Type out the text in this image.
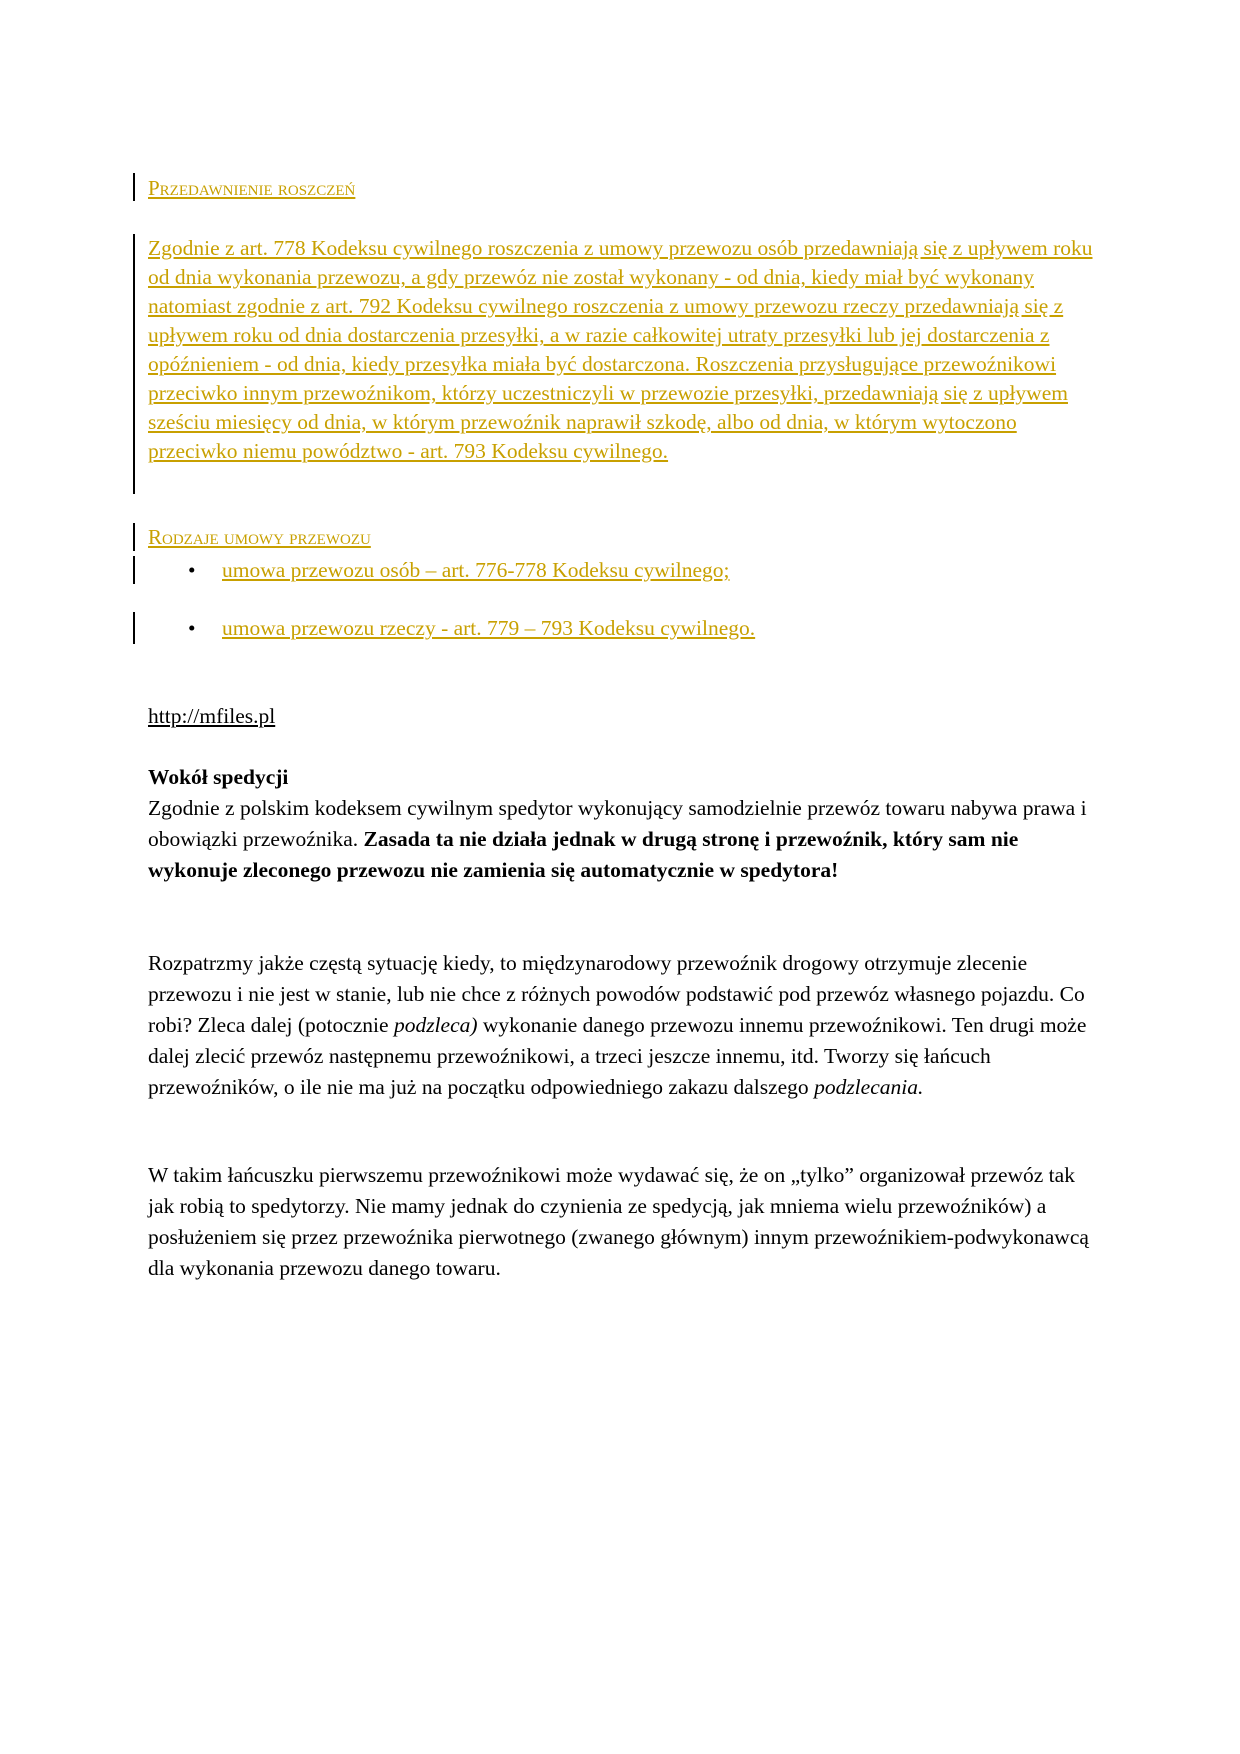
Przedawnienie roszczeń

Zgodnie z art. 778 Kodeksu cywilnego roszczenia z umowy przewozu osób przedawniają się z upływem roku od dnia wykonania przewozu, a gdy przewóz nie został wykonany - od dnia, kiedy miał być wykonany natomiast zgodnie z art. 792 Kodeksu cywilnego roszczenia z umowy przewozu rzeczy przedawniają się z upływem roku od dnia dostarczenia przesyłki, a w razie całkowitej utraty przesyłki lub jej dostarczenia z opóźnieniem - od dnia, kiedy przesyłka miała być dostarczona. Roszczenia przysługujące przewoźnikowi przeciwko innym przewoźnikom, którzy uczestniczyli w przewozie przesyłki, przedawniają się z upływem sześciu miesięcy od dnia, w którym przewoźnik naprawił szkodę, albo od dnia, w którym wytoczono przeciwko niemu powództwo - art. 793 Kodeksu cywilnego.

Rodzaje umowy przewozu
• umowa przewozu osób – art. 776-778 Kodeksu cywilnego;
• umowa przewozu rzeczy - art. 779 – 793 Kodeksu cywilnego.
http://mfiles.pl
Wokół spedycji

Zgodnie z polskim kodeksem cywilnym spedytor wykonujący samodzielnie przewóz towaru nabywa prawa i obowiązki przewoźnika. Zasada ta nie działa jednak w drugą stronę i przewoźnik, który sam nie wykonuje zleconego przewozu nie zamienia się automatycznie w spedytora!

Rozpatrzmy jakże częstą sytuację kiedy, to międzynarodowy przewoźnik drogowy otrzymuje zlecenie przewozu i nie jest w stanie, lub nie chce z różnych powodów podstawić pod przewóz własnego pojazdu. Co robi? Zleca dalej (potocznie podzleca) wykonanie danego przewozu innemu przewoźnikowi. Ten drugi może dalej zlecić przewóz następnemu przewoźnikowi, a trzeci jeszcze innemu, itd. Tworzy się łańcuch przewoźników, o ile nie ma już na początku odpowiedniego zakazu dalszego podzlecania.

W takim łańcuszku pierwszemu przewoźnikowi może wydawać się, że on „tylko” organizował przewóz tak jak robią to spedytorzy. Nie mamy jednak do czynienia ze spedycją, jak mniema wielu przewoźników) a posłużeniem się przez przewoźnika pierwotnego (zwanego głównym) innym przewoźnikiem-podwykonawcą dla wykonania przewozu danego towaru.
